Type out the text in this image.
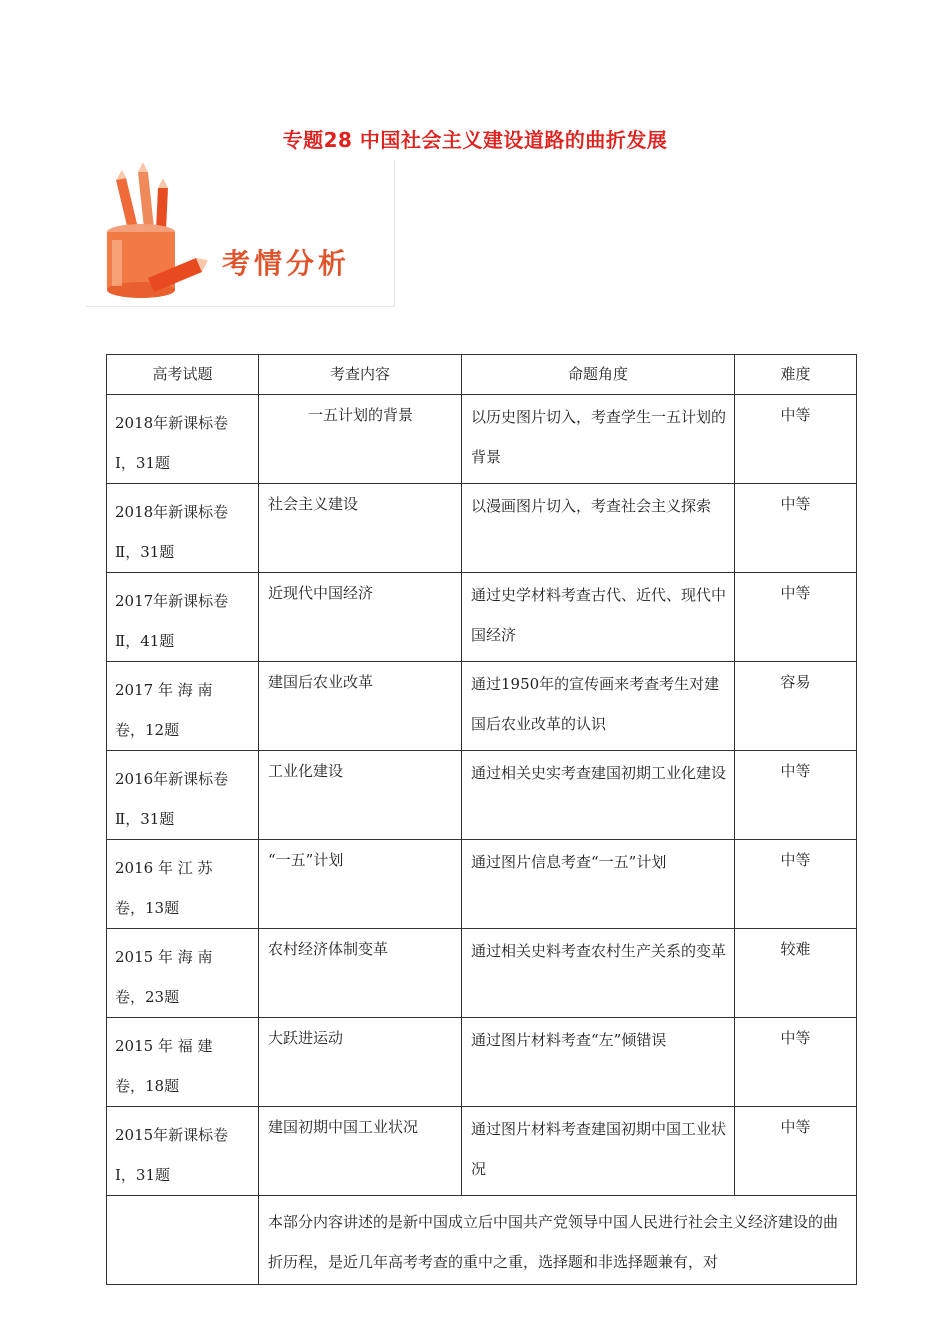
专题28 中国社会主义建设道路的曲折发展
考情分析
高考试题	考查内容	命题角度	难度

2018年新课标卷
Ⅰ，31题	一五计划的背景	以历史图片切入，考查学生一五计划的背景	中等

2018年新课标卷
Ⅱ，31题	社会主义建设	以漫画图片切入，考查社会主义探索	中等

2017年新课标卷
Ⅱ，41题	近现代中国经济	通过史学材料考查古代、近代、现代中国经济	中等

2017 年 海 南
卷，12题	建国后农业改革	通过1950年的宣传画来考查考生对建国后农业改革的认识	容易

2016年新课标卷
Ⅱ，31题	工业化建设	通过相关史实考查建国初期工业化建设	中等

2016 年 江 苏
卷，13题	“一五”计划	通过图片信息考查“一五”计划	中等

2015 年 海 南
卷，23题	农村经济体制变革	通过相关史料考查农村生产关系的变革	较难

2015 年 福 建
卷，18题	大跃进运动	通过图片材料考查“左”倾错误	中等

2015年新课标卷
Ⅰ，31题	建国初期中国工业状况	通过图片材料考查建国初期中国工业状况	中等
	本部分内容讲述的是新中国成立后中国共产党领导中国人民进行社会主义经济建设的曲折历程，是近几年高考考查的重中之重，选择题和非选择题兼有，对		
